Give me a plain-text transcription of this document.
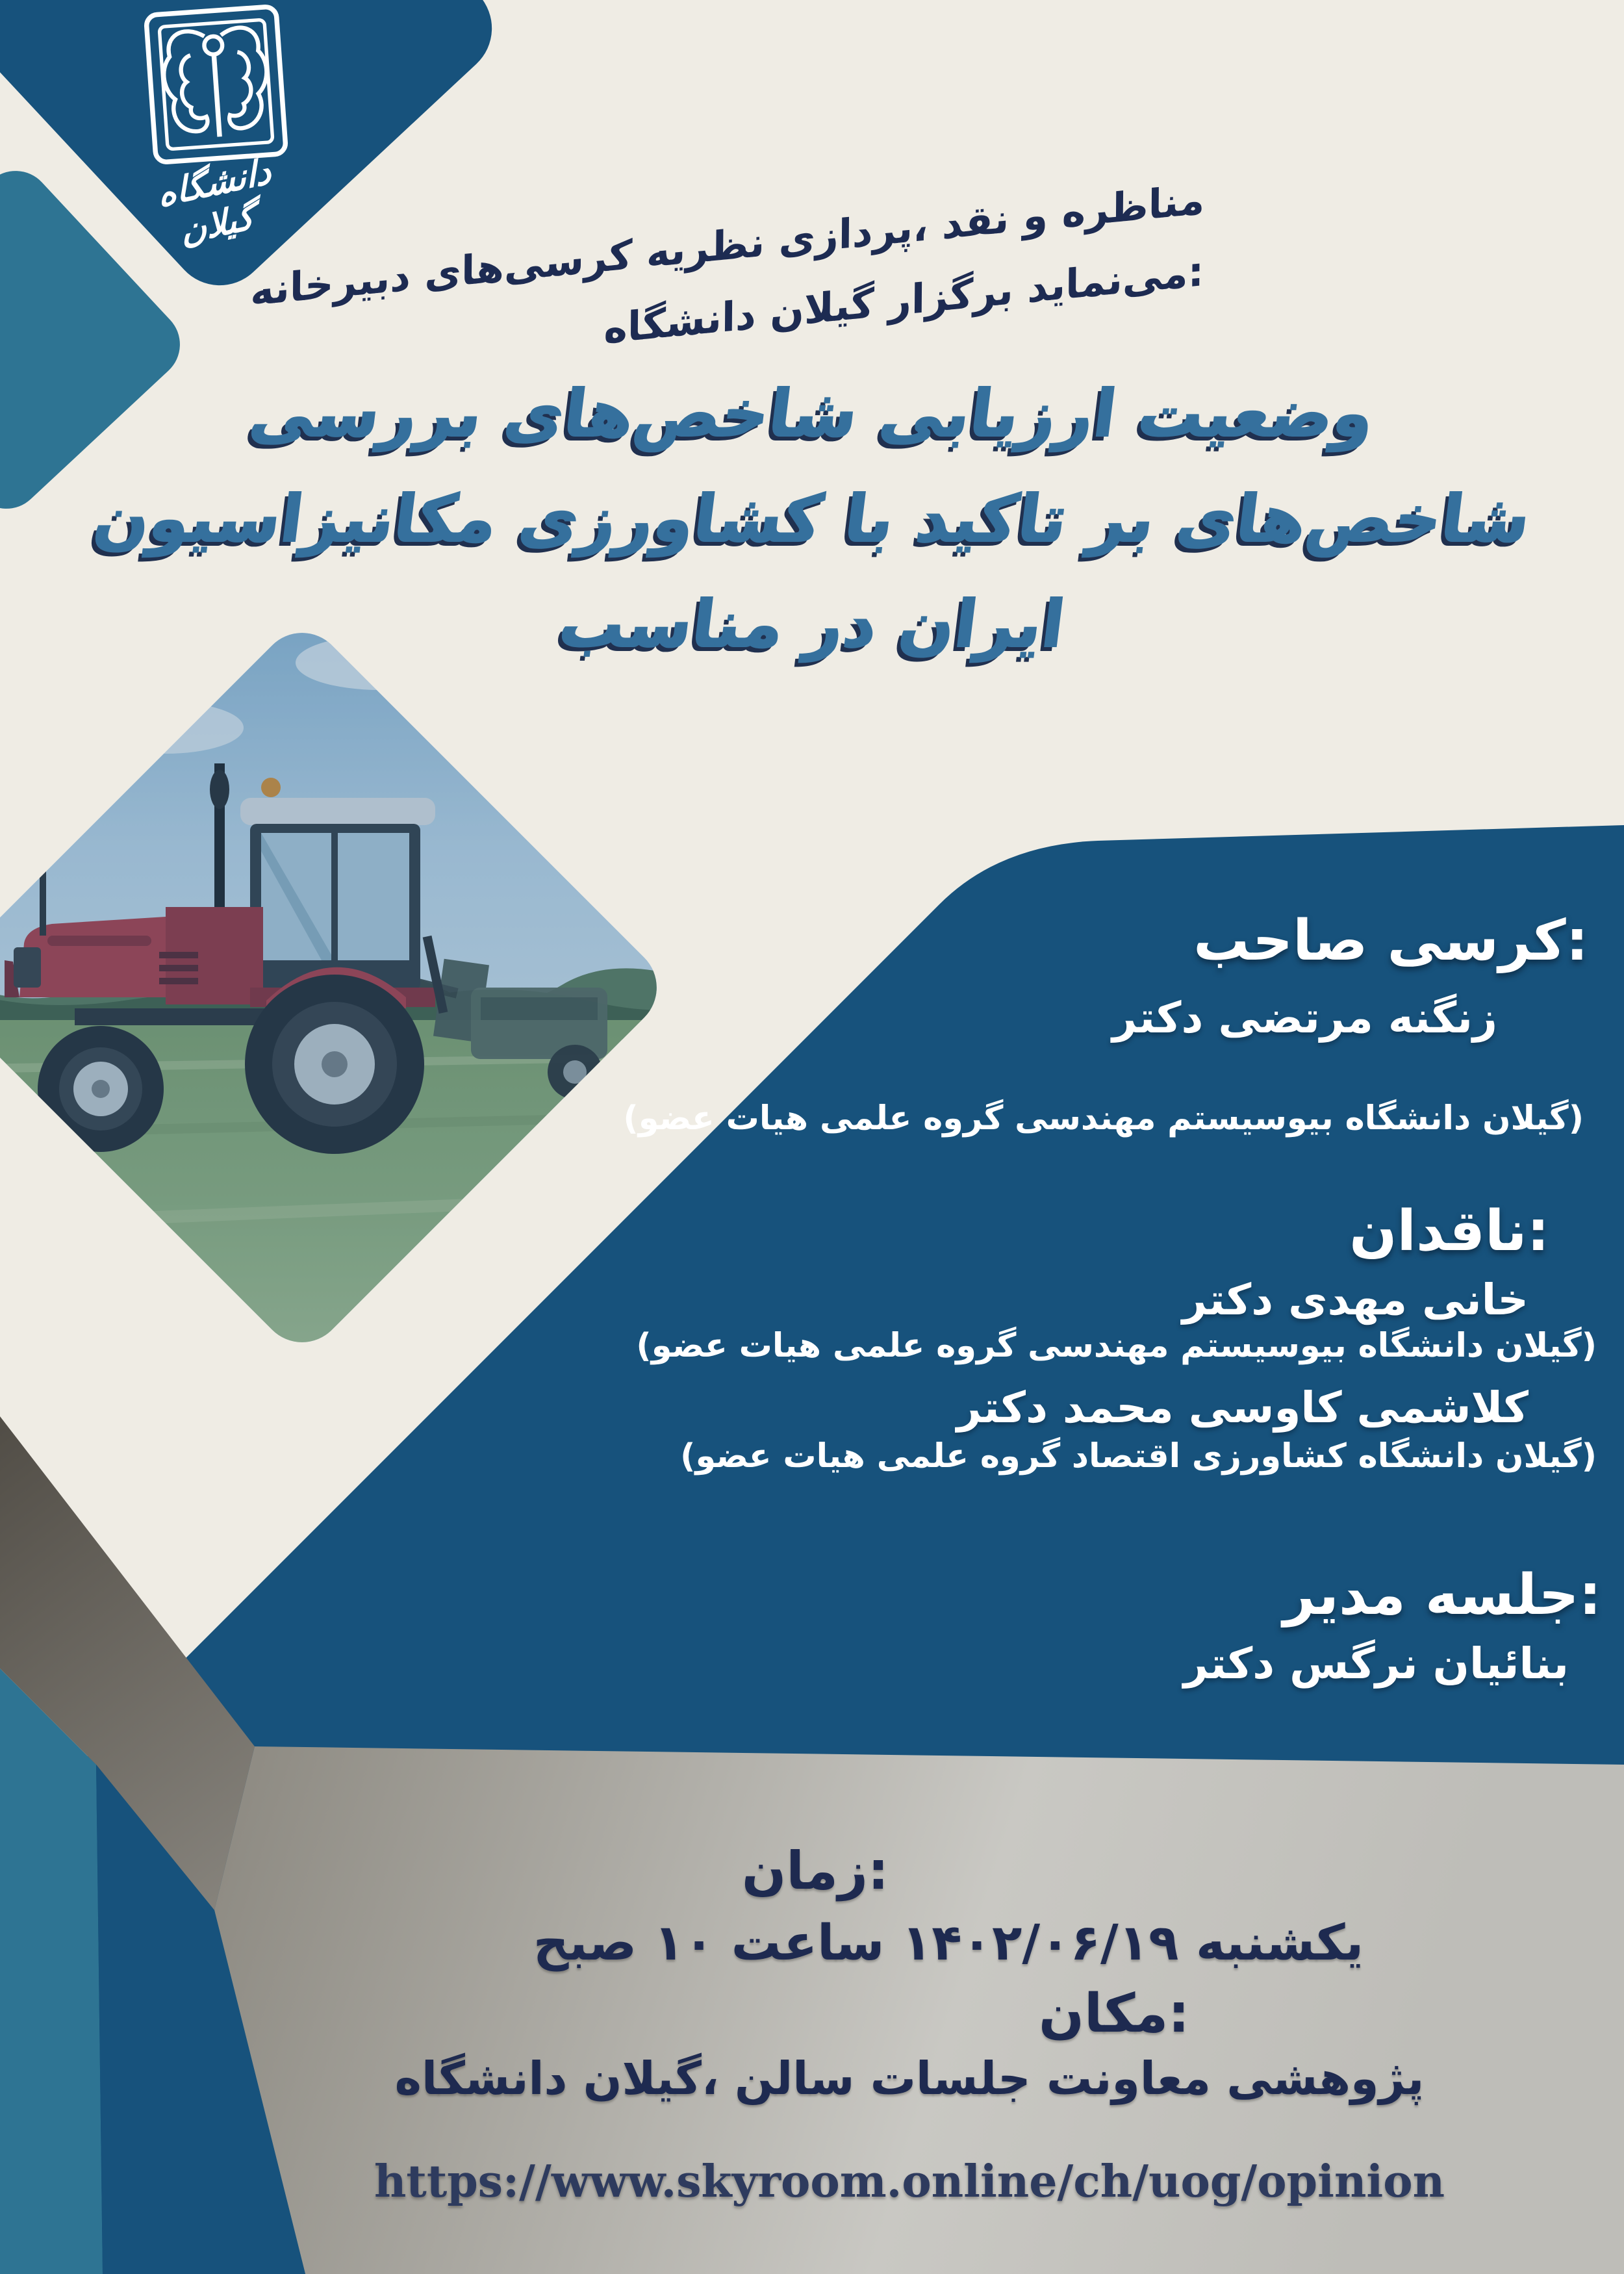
دانشگاه گیلان
دبیرخانه ‎کرسی‌های ‎نظریه ‎پردازی، ‎نقد ‎و ‎مناظره
دانشگاه ‎گیلان ‎برگزار ‎می‌نماید:
بررسی ‎شاخص‌های ‎ارزیابی ‎وضعیت
مکانیزاسیون ‎کشاورزی ‎با ‎تاکید ‎بر ‎شاخص‌های
مناسب ‎در ‎ایران
صاحب ‎کرسی:
دکتر ‎مرتضی ‎زنگنه
(عضو ‎هیات ‎علمی ‎گروه ‎مهندسی ‎بیوسیستم ‎دانشگاه ‎گیلان)
ناقدان:
دکتر ‎مهدی ‎خانی
(عضو ‎هیات ‎علمی ‎گروه ‎مهندسی ‎بیوسیستم ‎دانشگاه ‎گیلان)
دکتر ‎محمد ‎کاوسی ‎کلاشمی
(عضو ‎هیات ‎علمی ‎گروه ‎اقتصاد ‎کشاورزی ‎دانشگاه ‎گیلان)
مدیر ‎جلسه:
دکتر ‎نرگس ‎بنائیان
زمان:
یکشنبه ۱۴۰۲/۰۶/۱۹ ساعت ۱۰ صبح
مکان:
دانشگاه ‎گیلان، ‎سالن ‎جلسات ‎معاونت ‎پژوهشی
https://www.skyroom.online/ch/uog/opinion
